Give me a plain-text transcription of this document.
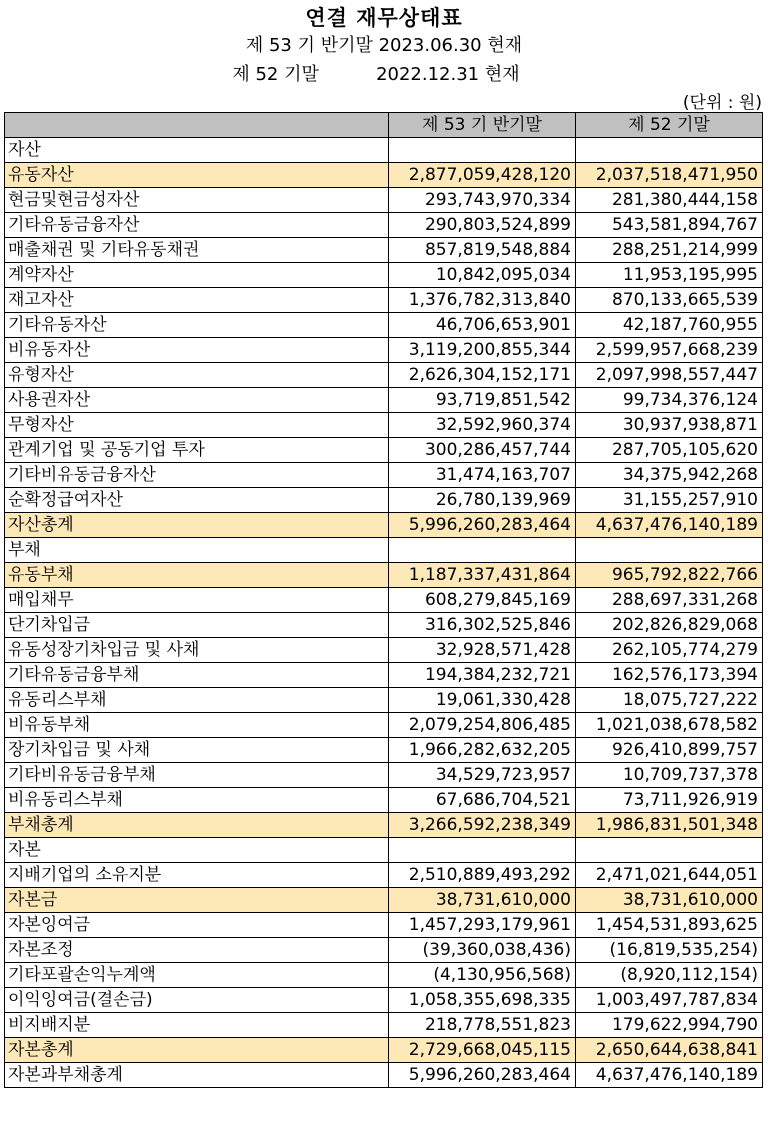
연결 재무상태표
제 53 기 반기말 2023.06.30 현재
제 52 기말          2022.12.31 현재
(단위 : 원)
	제 53 기 반기말	제 52 기말
자산		
유동자산	2,877,059,428,120	2,037,518,471,950
현금및현금성자산	293,743,970,334	281,380,444,158
기타유동금융자산	290,803,524,899	543,581,894,767
매출채권 및 기타유동채권	857,819,548,884	288,251,214,999
계약자산	10,842,095,034	11,953,195,995
재고자산	1,376,782,313,840	870,133,665,539
기타유동자산	46,706,653,901	42,187,760,955
비유동자산	3,119,200,855,344	2,599,957,668,239
유형자산	2,626,304,152,171	2,097,998,557,447
사용권자산	93,719,851,542	99,734,376,124
무형자산	32,592,960,374	30,937,938,871
관계기업 및 공동기업 투자	300,286,457,744	287,705,105,620
기타비유동금융자산	31,474,163,707	34,375,942,268
순확정급여자산	26,780,139,969	31,155,257,910
자산총계	5,996,260,283,464	4,637,476,140,189
부채		
유동부채	1,187,337,431,864	965,792,822,766
매입채무	608,279,845,169	288,697,331,268
단기차입금	316,302,525,846	202,826,829,068
유동성장기차입금 및 사채	32,928,571,428	262,105,774,279
기타유동금융부채	194,384,232,721	162,576,173,394
유동리스부채	19,061,330,428	18,075,727,222
비유동부채	2,079,254,806,485	1,021,038,678,582
장기차입금 및 사채	1,966,282,632,205	926,410,899,757
기타비유동금융부채	34,529,723,957	10,709,737,378
비유동리스부채	67,686,704,521	73,711,926,919
부채총계	3,266,592,238,349	1,986,831,501,348
자본		
지배기업의 소유지분	2,510,889,493,292	2,471,021,644,051
자본금	38,731,610,000	38,731,610,000
자본잉여금	1,457,293,179,961	1,454,531,893,625
자본조정	(39,360,038,436)	(16,819,535,254)
기타포괄손익누계액	(4,130,956,568)	(8,920,112,154)
이익잉여금(결손금)	1,058,355,698,335	1,003,497,787,834
비지배지분	218,778,551,823	179,622,994,790
자본총계	2,729,668,045,115	2,650,644,638,841
자본과부채총계	5,996,260,283,464	4,637,476,140,189
